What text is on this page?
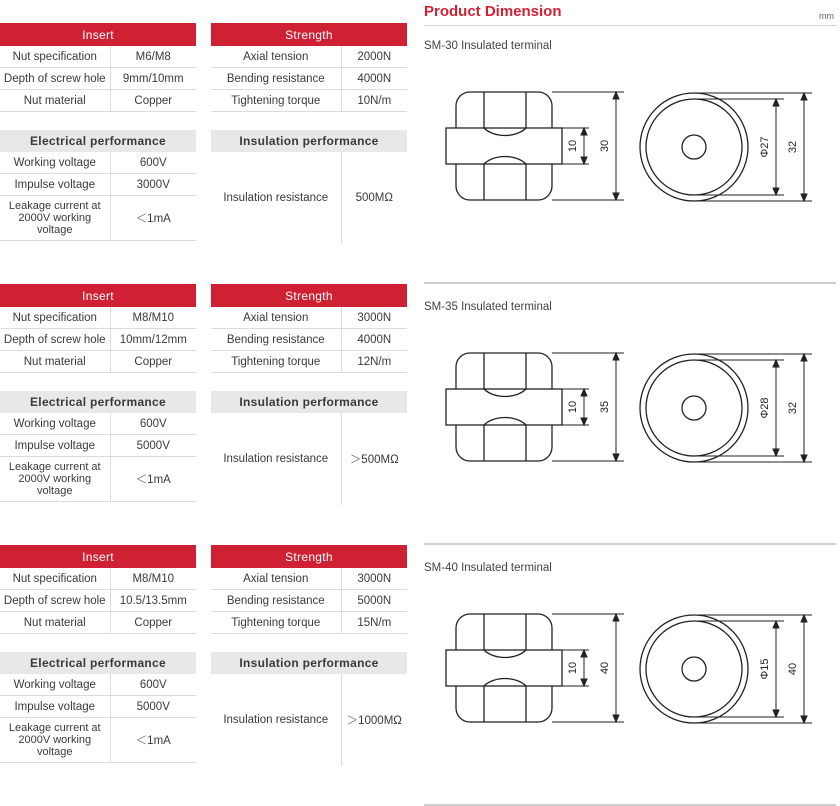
Product Dimension	mm
Insert	
Nut specification	M6/M8
Depth of screw hole	9mm/10mm
Nut material	Copper
Strength	
Axial tension	2000N
Bending resistance	4000N
Tightening torque	10N/m
Electrical performance	
Working voltage	600V
Impulse voltage	3000V
Leakage current at
2000V working
voltage	＜1mA
Insulation performance
Insulation resistance	500MΩ
SM-30 Insulated terminal
10 30	Φ27 32
Insert	
Nut specification	M8/M10
Depth of screw hole	10mm/12mm
Nut material	Copper
Strength	
Axial tension	3000N
Bending resistance	4000N
Tightening torque	12N/m
Electrical performance	
Working voltage	600V
Impulse voltage	5000V
Leakage current at
2000V working
voltage	＜1mA
Insulation performance
Insulation resistance	＞500MΩ
SM-35 Insulated terminal
10 35	Φ28 32
Insert	
Nut specification	M8/M10
Depth of screw hole	10.5/13.5mm
Nut material	Copper
Strength	
Axial tension	3000N
Bending resistance	5000N
Tightening torque	15N/m
Electrical performance	
Working voltage	600V
Impulse voltage	5000V
Leakage current at
2000V working
voltage	＜1mA
Insulation performance
Insulation resistance	＞1000MΩ
SM-40 Insulated terminal
10 40	Φ15 40
